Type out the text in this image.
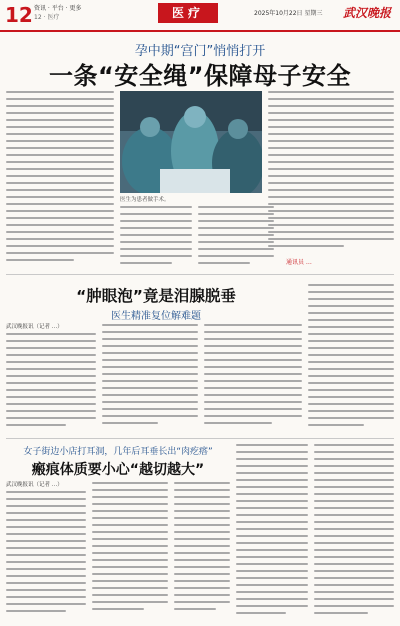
12 资讯 · 平台 · 更多
12 · 医疗	医疗	2025年10月22日 星期三 武汉晚报
孕中期“宫门”悄悄打开
一条“安全绳”保障母子安全
医生为患者做手术。
通讯员 …
“肿眼泡”竟是泪腺脱垂
医生精准复位解难题
武汉晚报讯（记者 …）
女子街边小店打耳洞，几年后耳垂长出“肉疙瘩”
瘢痕体质要小心“越切越大”
武汉晚报讯（记者 …）
